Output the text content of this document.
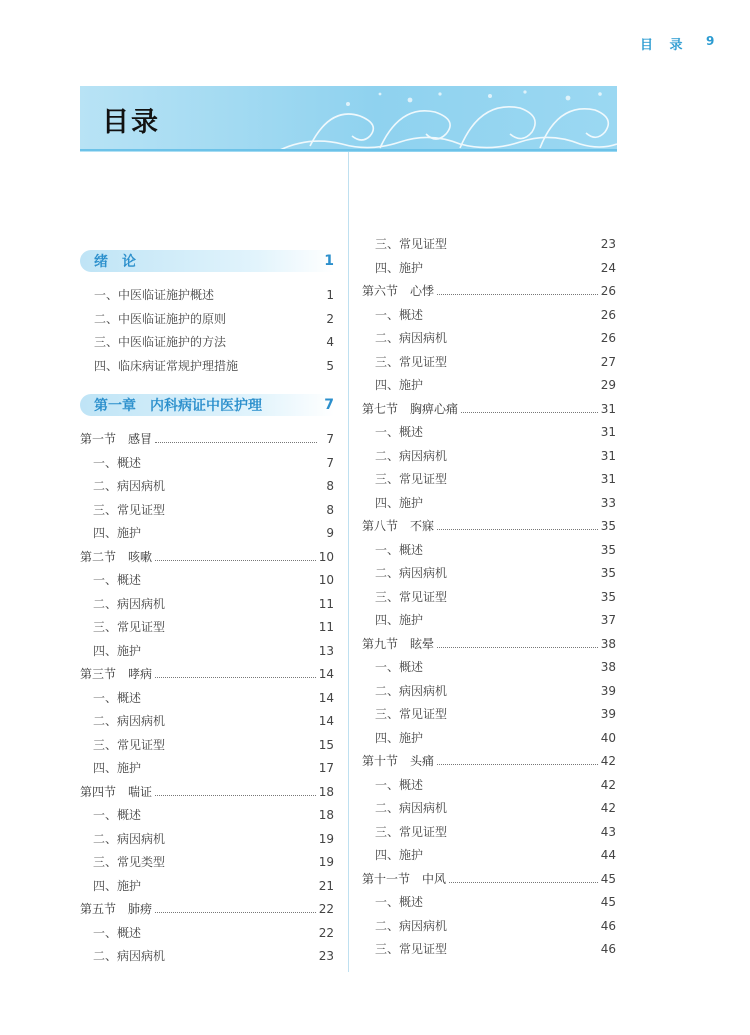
目 录 9
目录
绪　论	1
一、中医临证施护概述	1
二、中医临证施护的原则	2
三、中医临证施护的方法	4
四、临床病证常规护理措施	5
第一章　内科病证中医护理	7
第一节　感冒	7
一、概述	7
二、病因病机	8
三、常见证型	8
四、施护	9
第二节　咳嗽	10
一、概述	10
二、病因病机	11
三、常见证型	11
四、施护	13
第三节　哮病	14
一、概述	14
二、病因病机	14
三、常见证型	15
四、施护	17
第四节　喘证	18
一、概述	18
二、病因病机	19
三、常见类型	19
四、施护	21
第五节　肺痨	22
一、概述	22
二、病因病机	23
三、常见证型	23
四、施护	24
第六节　心悸	26
一、概述	26
二、病因病机	26
三、常见证型	27
四、施护	29
第七节　胸痹心痛	31
一、概述	31
二、病因病机	31
三、常见证型	31
四、施护	33
第八节　不寐	35
一、概述	35
二、病因病机	35
三、常见证型	35
四、施护	37
第九节　眩晕	38
一、概述	38
二、病因病机	39
三、常见证型	39
四、施护	40
第十节　头痛	42
一、概述	42
二、病因病机	42
三、常见证型	43
四、施护	44
第十一节　中风	45
一、概述	45
二、病因病机	46
三、常见证型	46
